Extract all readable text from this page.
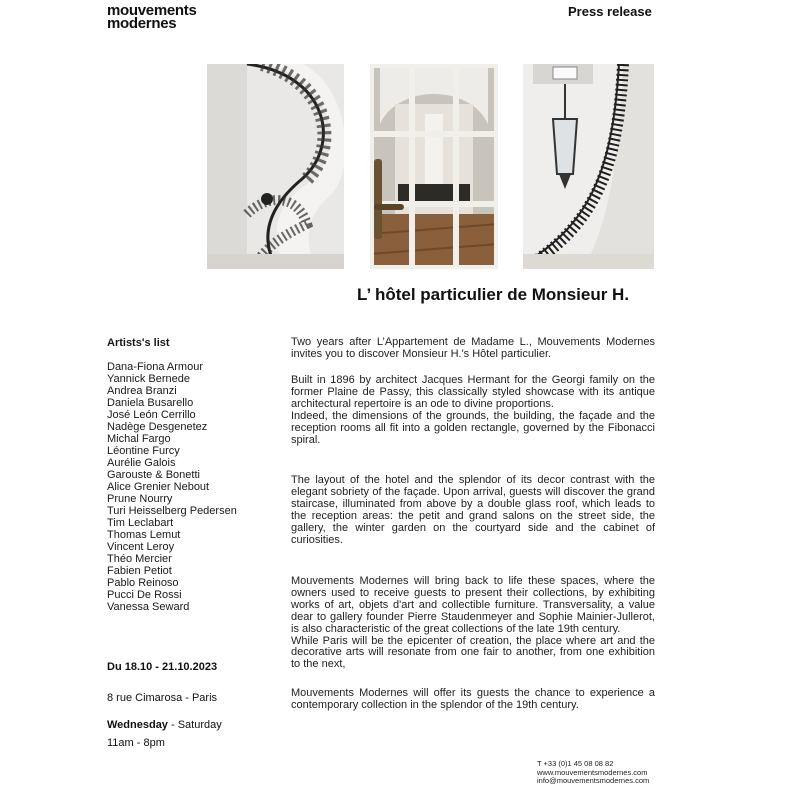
mouvements
modernes
Press release
L’ hôtel particulier de Monsieur H.
Artists's list
Dana-Fiona Armour
Yannick Bernede
Andrea Branzi
Daniela Busarello
José León Cerrillo
Nadège Desgenetez
Michal Fargo
Léontine Furcy
Aurélie Galois
Garouste & Bonetti
Alice Grenier Nebout
Prune Nourry
Turi Heisselberg Pedersen
Tim Leclabart
Thomas Lemut
Vincent Leroy
Théo Mercier
Fabien Petiot
Pablo Reinoso
Pucci De Rossi
Vanessa Seward
Du 18.10 - 21.10.2023
8 rue Cimarosa - Paris
Wednesday - Saturday
11am - 8pm

Two years after L’Appartement de Madame L., Mouvements Modernes invites you to discover Monsieur H.'s Hôtel particulier.

Built in 1896 by architect Jacques Hermant for the Georgi family on the former Plaine de Passy, this classically styled showcase with its antique architectural repertoire is an ode to divine proportions.

Indeed, the dimensions of the grounds, the building, the façade and the reception rooms all fit into a golden rectangle, governed by the Fibonacci spiral.

The layout of the hotel and the splendor of its decor contrast with the elegant sobriety of the façade. Upon arrival, guests will discover the grand staircase, illuminated from above by a double glass roof, which leads to the reception areas: the petit and grand salons on the street side, the gallery, the winter garden on the courtyard side and the cabinet of curiosities.

Mouvements Modernes will bring back to life these spaces, where the owners used to receive guests to present their collections, by exhibiting works of art, objets d'art and collectible furniture. Transversality, a value dear to gallery founder Pierre Staudenmeyer and Sophie Mainier-Jullerot, is also characteristic of the great collections of the late 19th century.

While Paris will be the epicenter of creation, the place where art and the decorative arts will resonate from one fair to another, from one exhibition to the next,

Mouvements Modernes will offer its guests the chance to experience a contemporary collection in the splendor of the 19th century.

T +33 (0)1 45 08 08 82
www.mouvementsmodernes.com
info@mouvementsmodernes.com
